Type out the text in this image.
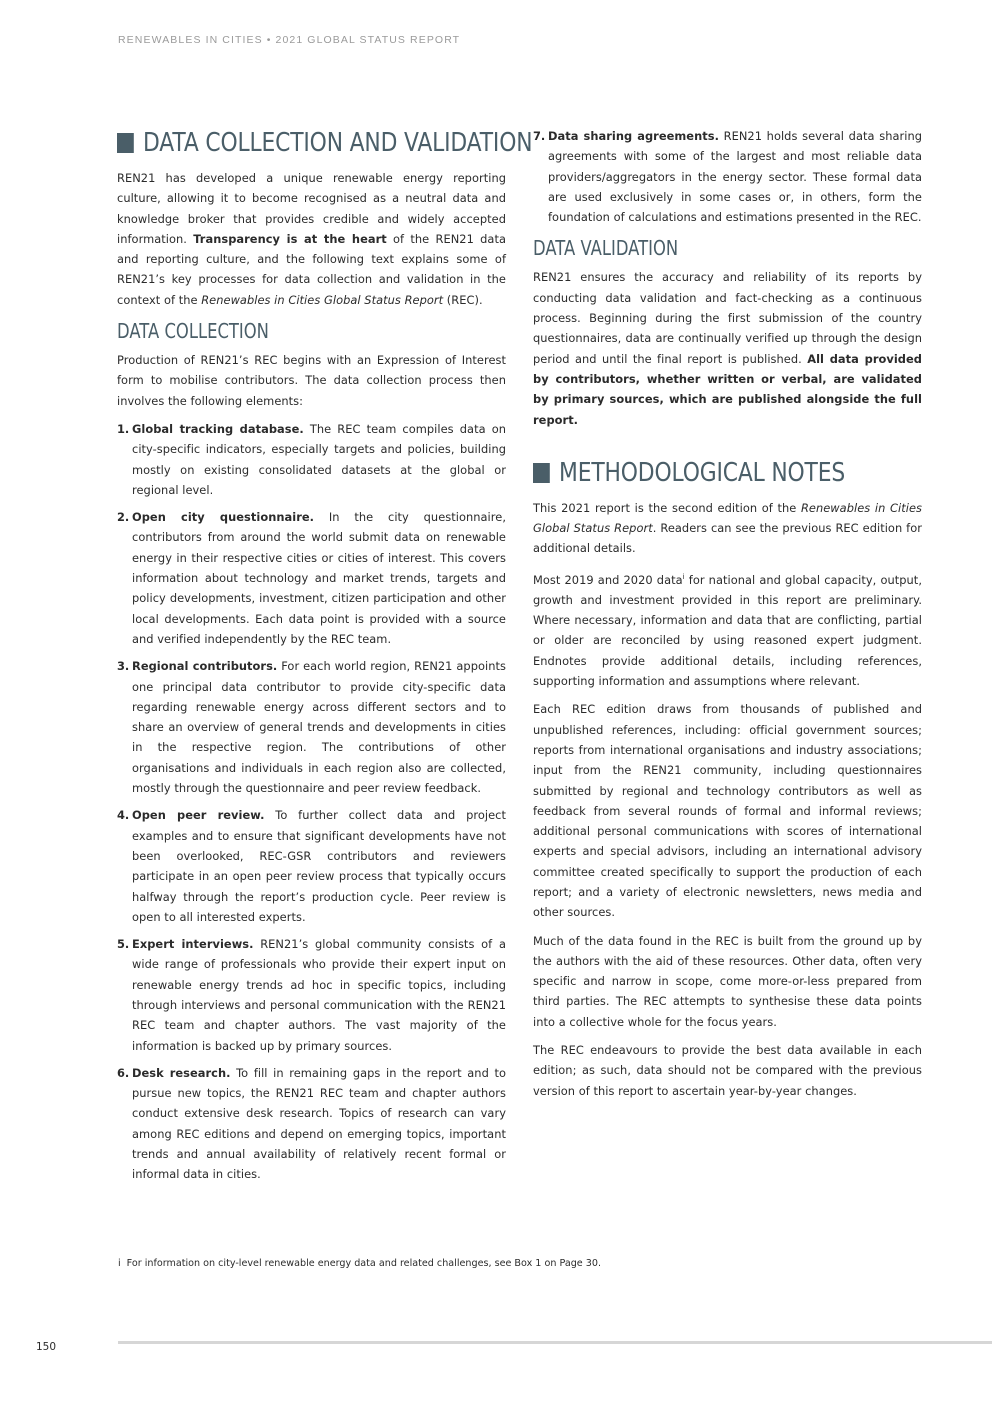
RENEWABLES IN CITIES • 2021 GLOBAL STATUS REPORT
DATA COLLECTION AND VALIDATION

REN21 has developed a unique renewable energy reporting culture, allowing it to become recognised as a neutral data and knowledge broker that provides credible and widely accepted information. Transparency is at the heart of the REN21 data and reporting culture, and the following text explains some of REN21’s key processes for data collection and validation in the context of the Renewables in Cities Global Status Report (REC).

DATA COLLECTION

Production of REN21’s REC begins with an Expression of Interest form to mobilise contributors. The data collection process then involves the following elements:

1. Global tracking database. The REC team compiles data on city-specific indicators, especially targets and policies, building mostly on existing consolidated datasets at the global or regional level.

2. Open city questionnaire. In the city questionnaire, contributors from around the world submit data on renewable energy in their respective cities or cities of interest. This covers information about technology and market trends, targets and policy developments, investment, citizen participation and other local developments. Each data point is provided with a source and verified independently by the REC team.

3. Regional contributors. For each world region, REN21 appoints one principal data contributor to provide city-specific data regarding renewable energy across different sectors and to share an overview of general trends and developments in cities in the respective region. The contributions of other organisations and individuals in each region also are collected, mostly through the questionnaire and peer review feedback.

4. Open peer review. To further collect data and project examples and to ensure that significant developments have not been overlooked, REC-GSR contributors and reviewers participate in an open peer review process that typically occurs halfway through the report’s production cycle. Peer review is open to all interested experts.

5. Expert interviews. REN21’s global community consists of a wide range of professionals who provide their expert input on renewable energy trends ad hoc in specific topics, including through interviews and personal communication with the REN21 REC team and chapter authors. The vast majority of the information is backed up by primary sources.

6. Desk research. To fill in remaining gaps in the report and to pursue new topics, the REN21 REC team and chapter authors conduct extensive desk research. Topics of research can vary among REC editions and depend on emerging topics, important trends and annual availability of relatively recent formal or informal data in cities.

7. Data sharing agreements. REN21 holds several data sharing agreements with some of the largest and most reliable data providers/aggregators in the energy sector. These formal data are used exclusively in some cases or, in others, form the foundation of calculations and estimations presented in the REC.

DATA VALIDATION

REN21 ensures the accuracy and reliability of its reports by conducting data validation and fact-checking as a continuous process. Beginning during the first submission of the country questionnaires, data are continually verified up through the design period and until the final report is published. All data provided by contributors, whether written or verbal, are validated by primary sources, which are published alongside the full report.

METHODOLOGICAL NOTES

This 2021 report is the second edition of the Renewables in Cities Global Status Report. Readers can see the previous REC edition for additional details.

Most 2019 and 2020 data$^i$ for national and global capacity, output, growth and investment provided in this report are preliminary. Where necessary, information and data that are conflicting, partial or older are reconciled by using reasoned expert judgment. Endnotes provide additional details, including references, supporting information and assumptions where relevant.

Each REC edition draws from thousands of published and unpublished references, including: official government sources; reports from international organisations and industry associations; input from the REN21 community, including questionnaires submitted by regional and technology contributors as well as feedback from several rounds of formal and informal reviews; additional personal communications with scores of international experts and special advisors, including an international advisory committee created specifically to support the production of each report; and a variety of electronic newsletters, news media and other sources.

Much of the data found in the REC is built from the ground up by the authors with the aid of these resources. Other data, often very specific and narrow in scope, come more-or-less prepared from third parties. The REC attempts to synthesise these data points into a collective whole for the focus years.

The REC endeavours to provide the best data available in each edition; as such, data should not be compared with the previous version of this report to ascertain year-by-year changes.

i For information on city-level renewable energy data and related challenges, see Box 1 on Page 30.
150
